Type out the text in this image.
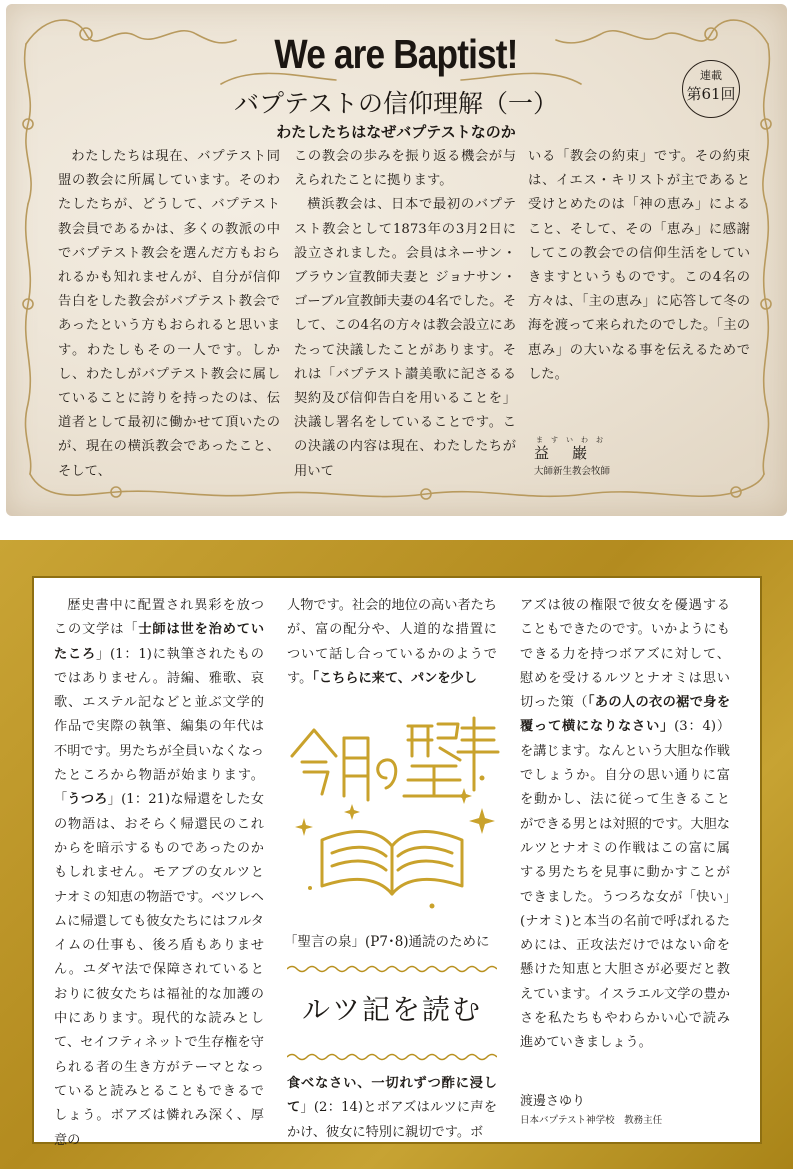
We are Baptist!
バプテストの信仰理解（一）
わたしたちはなぜバプテストなのか
連載
第61回

わたしたちは現在、バプテスト同盟の教会に所属しています。そのわたしたちが、どうして、バプテスト教会員であるかは、多くの教派の中でバプテスト教会を選んだ方もおられるかも知れませんが、自分が信仰告白をした教会がバプテスト教会であったという方もおられると思います。わたしもその一人です。しかし、わたしがバプテスト教会に属していることに誇りを持ったのは、伝道者として最初に働かせて頂いたのが、現在の横浜教会であったこと、そして、

この教会の歩みを振り返る機会が与えられたことに拠ります。

横浜教会は、日本で最初のバプテスト教会として1873年の3月2日に設立されました。会員はネーサン・ブラウン宣教師夫妻と ジョナサン・ゴーブル宣教師夫妻の4名でした。そして、この4名の方々は教会設立にあたって決議したことがあります。それは「バプテスト讃美歌に記さるる契約及び信仰告白を用いることを」決議し署名をしていることです。この決議の内容は現在、わたしたちが用いて

いる「教会の約束」です。その約束は、イエス・キリストが主であると受けとめたのは「神の恵み」によること、そして、その「恵み」に感謝してこの教会での信仰生活をしていきますというものです。この4名の方々は、「主の恵み」に応答して冬の海を渡って来られたのでした。「主の恵み」の大いなる事を伝えるためでした。

ますいわお
益　巌
大師新生教会牧師

歴史書中に配置され異彩を放つこの文学は「士師は世を治めていたころ」(1：1)に執筆されたものではありません。詩編、雅歌、哀歌、エステル記などと並ぶ文学的作品で実際の執筆、編集の年代は不明です。男たちが全員いなくなったところから物語が始まります。「うつろ」(1：21)な帰還をした女の物語は、おそらく帰還民のこれからを暗示するものであったのかもしれません。モアブの女ルツとナオミの知恵の物語です。ベツレヘムに帰還しても彼女たちにはフルタイムの仕事も、後ろ盾もありません。ユダヤ法で保障されているとおりに彼女たちは福祉的な加護の中にあります。現代的な読みとして、セイフティネットで生存権を守られる者の生き方がテーマとなっていると読みとることもできるでしょう。ボアズは憐れみ深く、厚意の

人物です。社会的地位の高い者たちが、富の配分や、人道的な措置について話し合っているかのようです。「こちらに来て、パンを少し

「聖言の泉」(P7･8)通読のために
ルツ記を読む

食べなさい、一切れずつ酢に浸して」(2：14)とボアズはルツに声をかけ、彼女に特別に親切です。ボ

アズは彼の権限で彼女を優遇することもできたのです。いかようにもできる力を持つボアズに対して、慰めを受けるルツとナオミは思い切った策（「あの人の衣の裾で身を覆って横になりなさい」(3：4)）を講じます。なんという大胆な作戦でしょうか。自分の思い通りに富を動かし、法に従って生きることができる男とは対照的です。大胆なルツとナオミの作戦はこの富に属する男たちを見事に動かすことができました。うつろな女が「快い」(ナオミ)と本当の名前で呼ばれるためには、正攻法だけではない命を懸けた知恵と大胆さが必要だと教えています。イスラエル文学の豊かさを私たちもやわらかい心で読み進めていきましょう。

渡邊さゆり
日本バプテスト神学校　教務主任
